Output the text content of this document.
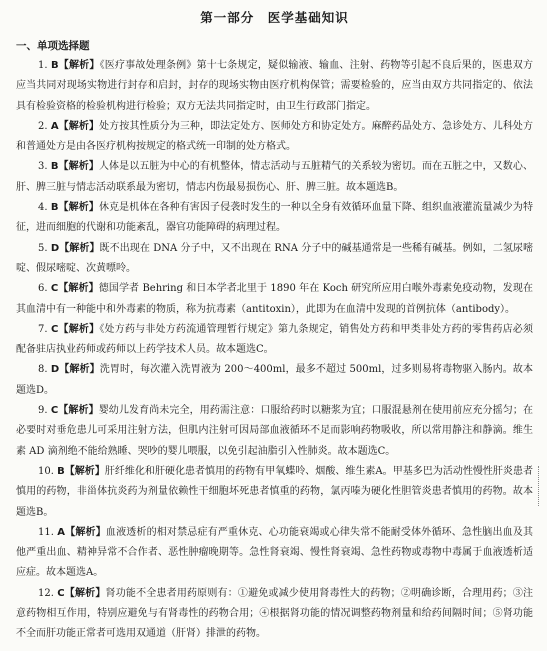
第一部分　医学基础知识
一、单项选择题

1. B【解析】《医疗事故处理条例》第十七条规定，疑似输液、输血、注射、药物等引起不良后果的，医患双方应当共同对现场实物进行封存和启封，封存的现场实物由医疗机构保管；需要检验的，应当由双方共同指定的、依法具有检验资格的检验机构进行检验；双方无法共同指定时，由卫生行政部门指定。

2. A【解析】处方按其性质分为三种，即法定处方、医师处方和协定处方。麻醉药品处方、急诊处方、儿科处方和普通处方是由各医疗机构按规定的格式统一印制的处方格式。

3. B【解析】人体是以五脏为中心的有机整体，情志活动与五脏精气的关系较为密切。而在五脏之中，又数心、肝、脾三脏与情志活动联系最为密切，情志内伤最易损伤心、肝、脾三脏。故本题选B。

4. B【解析】休克是机体在各种有害因子侵袭时发生的一种以全身有效循环血量下降、组织血液灌流量减少为特征，进而细胞的代谢和功能紊乱，器官功能障碍的病理过程。

5. D【解析】既不出现在 DNA 分子中，又不出现在 RNA 分子中的碱基通常是一些稀有碱基。例如，二氢尿嘧啶、假尿嘧啶、次黄嘌呤。

6. C【解析】德国学者 Behring 和日本学者北里于 1890 年在 Koch 研究所应用白喉外毒素免疫动物，发现在其血清中有一种能中和外毒素的物质，称为抗毒素（antitoxin），此即为在血清中发现的首例抗体（antibody）。

7. C【解析】《处方药与非处方药流通管理暂行规定》第九条规定，销售处方药和甲类非处方药的零售药店必须配备驻店执业药师或药师以上药学技术人员。故本题选C。

8. D【解析】洗胃时，每次灌入洗胃液为 200～400ml，最多不超过 500ml，过多则易将毒物驱入肠内。故本题选D。

9. C【解析】婴幼儿发育尚未完全，用药需注意：口服给药时以糖浆为宜；口服混悬剂在使用前应充分摇匀；在必要时对垂危患儿可采用注射方法，但肌内注射可因局部血液循环不足而影响药物吸收，所以常用静注和静滴。维生素 AD 滴剂绝不能给熟睡、哭吵的婴儿喂服，以免引起油脂引入性肺炎。故本题选C。

10. B【解析】肝纤维化和肝硬化患者慎用的药物有甲氧蝶呤、烟酸、维生素A。甲基多巴为活动性慢性肝炎患者慎用的药物，非甾体抗炎药为剂量依赖性干细胞坏死患者慎重的药物，氯丙嗪为硬化性胆管炎患者慎用的药物。故本题选B。

11. A【解析】血液透析的相对禁忌症有严重休克、心功能衰竭或心律失常不能耐受体外循环、急性脑出血及其他严重出血、精神异常不合作者、恶性肿瘤晚期等。急性肾衰竭、慢性肾衰竭、急性药物或毒物中毒属于血液透析适应症。故本题选A。

12. C【解析】肾功能不全患者用药原则有：①避免或减少使用肾毒性大的药物；②明确诊断，合理用药；③注意药物相互作用，特别应避免与有肾毒性的药物合用；④根据肾功能的情况调整药物剂量和给药间隔时间；⑤肾功能不全而肝功能正常者可选用双通道（肝肾）排泄的药物。
